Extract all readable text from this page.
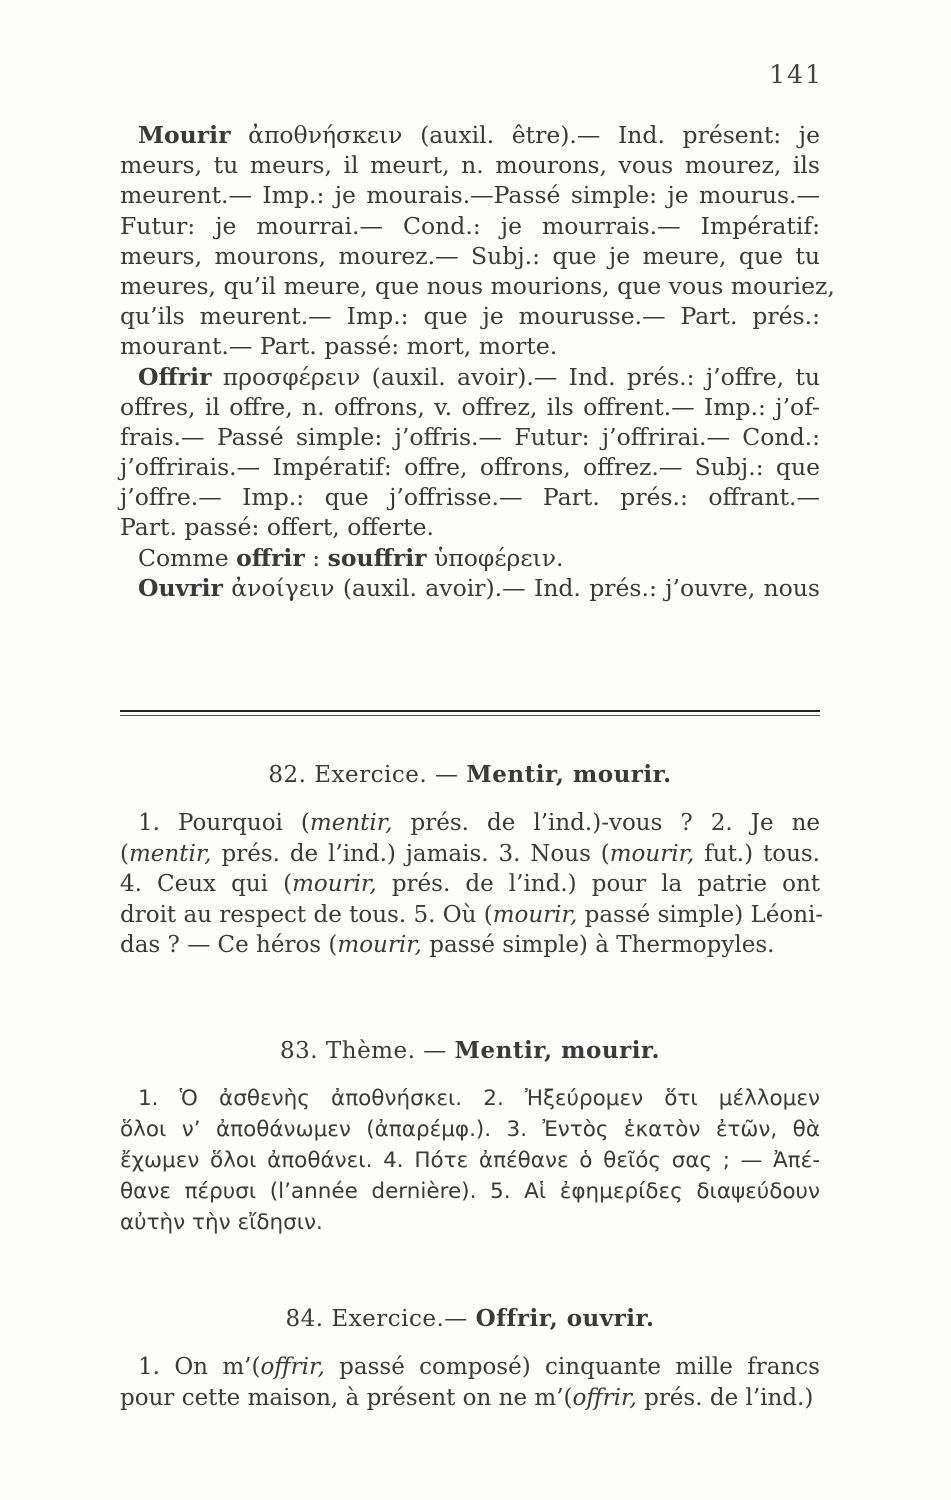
141
Mourir ἀποθνήσκειν (auxil. être).— Ind. présent: je
meurs, tu meurs, il meurt, n. mourons, vous mourez, ils
meurent.— Imp.: je mourais.—Passé simple: je mourus.—
Futur: je mourrai.— Cond.: je mourrais.— Impératif:
meurs, mourons, mourez.— Subj.: que je meure, que tu
meures, qu’il meure, que nous mourions, que vous mouriez,
qu’ils meurent.— Imp.: que je mourusse.— Part. prés.:
mourant.— Part. passé: mort, morte.
Offrir προσφέρειν (auxil. avoir).— Ind. prés.: j’offre, tu
offres, il offre, n. offrons, v. offrez, ils offrent.— Imp.: j’of-
frais.— Passé simple: j’offris.— Futur: j’offrirai.— Cond.:
j’offrirais.— Impératif: offre, offrons, offrez.— Subj.: que
j’offre.— Imp.: que j’offrisse.— Part. prés.: offrant.—
Part. passé: offert, offerte.
Comme offrir : souffrir ὑποφέρειν.
Ouvrir ἀνοίγειν (auxil. avoir).— Ind. prés.: j’ouvre, nous
82. Exercice. — Mentir, mourir.
1. Pourquoi (mentir, prés. de l’ind.)-vous ? 2. Je ne
(mentir, prés. de l’ind.) jamais. 3. Nous (mourir, fut.) tous.
4. Ceux qui (mourir, prés. de l’ind.) pour la patrie ont
droit au respect de tous. 5. Où (mourir, passé simple) Léoni-
das ? — Ce héros (mourir, passé simple) à Thermopyles.
83. Thème. — Mentir, mourir.
1. Ὁ ἀσθενὴς ἀποθνήσκει. 2. Ἠξεύρομεν ὅτι μέλλομεν
ὅλοι ν’ ἀποθάνωμεν (ἀπαρέμφ.). 3. Ἐντὸς ἑκατὸν ἐτῶν, θὰ
ἔχωμεν ὅλοι ἀποθάνει. 4. Πότε ἀπέθανε ὁ θεῖός σας ; — Ἀπέ-
θανε πέρυσι (l’année dernière). 5. Αἱ ἐφημερίδες διαψεύδουν
αὐτὴν τὴν εἴδησιν.
84. Exercice.— Offrir, ouvrir.
1. On m’(offrir, passé composé) cinquante mille francs
pour cette maison, à présent on ne m’(offrir, prés. de l’ind.)
